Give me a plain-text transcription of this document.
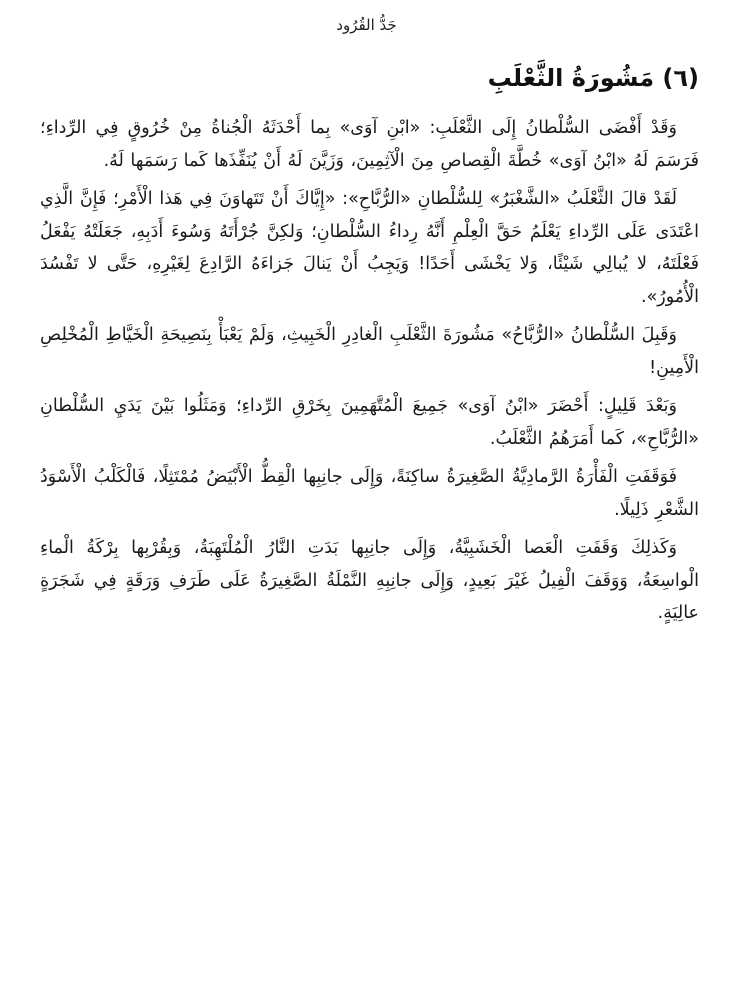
جَدُّ القُرُود
(٦) مَشُورَةُ الثَّعْلَبِ

وَقَدْ أَفْضَى السُّلْطانُ إِلَى الثَّعْلَبِ: «ابْنِ آوَى» بِما أَحْدَثَهُ الْجُناةُ مِنْ خُرُوقٍ فِي الرِّداءِ؛ فَرَسَمَ لَهُ «ابْنُ آوَى» خُطَّةَ الْقِصاصِ مِنَ الْآثِمِينَ، وَزَيَّنَ لَهُ أَنْ يُنَفِّذَها كَما رَسَمَها لَهُ.

لَقَدْ قالَ الثَّعْلَبُ «الشَّغْبَرُ» لِلسُّلْطانِ «الرُّبَّاحِ»: «إِيَّاكَ أَنْ تَتَهاوَنَ فِي هَذا الْأَمْرِ؛ فَإِنَّ الَّذِي اعْتَدَى عَلَى الرِّداءِ يَعْلَمُ حَقَّ الْعِلْمِ أَنَّهُ رِداءُ السُّلْطانِ؛ وَلكِنَّ جُرْأَتَهُ وَسُوءَ أَدَبِهِ، جَعَلَتْهُ يَفْعَلُ فَعْلَتَهُ، لا يُبالِي شَيْئًا، وَلا يَخْشَى أَحَدًا! وَيَجِبُ أَنْ يَنالَ جَزاءَهُ الرَّادِعَ لِغَيْرِهِ، حَتَّى لا تَفْسُدَ الْأُمُورُ».

وَقَبِلَ السُّلْطانُ «الرُّبَّاحُ» مَشُورَةَ الثَّعْلَبِ الْغادِرِ الْخَبِيثِ، وَلَمْ يَعْبَأْ بِنَصِيحَةِ الْخَيَّاطِ الْمُخْلِصِ الْأَمِينِ!

وَبَعْدَ قَلِيلٍ: أَحْضَرَ «ابْنُ آوَى» جَمِيعَ الْمُتَّهَمِينَ بِخَرْقِ الرِّداءِ؛ وَمَثَلُوا بَيْنَ يَدَيِ السُّلْطانِ «الرُّبَّاحِ»، كَما أَمَرَهُمُ الثَّعْلَبُ.

فَوَقَفَتِ الْفَأْرَةُ الرَّمادِيَّةُ الصَّغِيرَةُ ساكِنَةً، وَإِلَى جانِبِها الْقِطُّ الْأَبْيَضُ مُمْتَثِلًا، فَالْكَلْبُ الْأَسْوَدُ الشَّعْرِ ذَلِيلًا.

وَكَذلِكَ وَقَفَتِ الْعَصا الْخَشَبِيَّةُ، وَإِلَى جانِبِها بَدَتِ النَّارُ الْمُلْتَهِبَةُ، وَبِقُرْبِها بِرْكَةُ الْماءِ الْواسِعَةُ، وَوَقَفَ الْفِيلُ غَيْرَ بَعِيدٍ، وَإِلَى جانِبِهِ النَّمْلَةُ الصَّغِيرَةُ عَلَى طَرَفِ وَرَقَةٍ فِي شَجَرَةٍ عالِيَةٍ.
